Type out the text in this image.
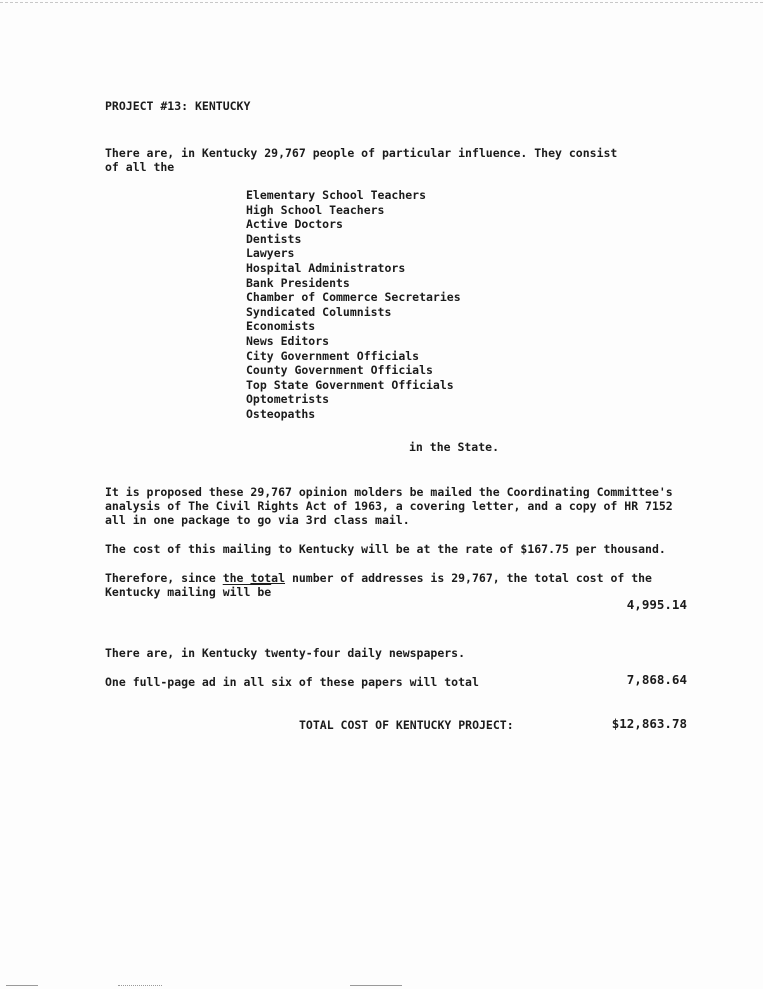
PROJECT #13: KENTUCKY

There are, in Kentucky 29,767 people of particular influence. They consist

of all the

Elementary School Teachers
High School Teachers
Active Doctors
Dentists
Lawyers
Hospital Administrators
Bank Presidents
Chamber of Commerce Secretaries
Syndicated Columnists
Economists
News Editors
City Government Officials
County Government Officials
Top State Government Officials
Optometrists
Osteopaths

in the State.

It is proposed these 29,767 opinion molders be mailed the Coordinating Committee's

analysis of The Civil Rights Act of 1963, a covering letter, and a copy of HR 7152

all in one package to go via 3rd class mail.

The cost of this mailing to Kentucky will be at the rate of $167.75 per thousand.

Therefore, since the total number of addresses is 29,767, the total cost of the

Kentucky mailing will be

4,995.14

There are, in Kentucky twenty-four daily newspapers.

One full-page ad in all six of these papers will total	7,868.64

TOTAL COST OF KENTUCKY PROJECT:	$12,863.78
